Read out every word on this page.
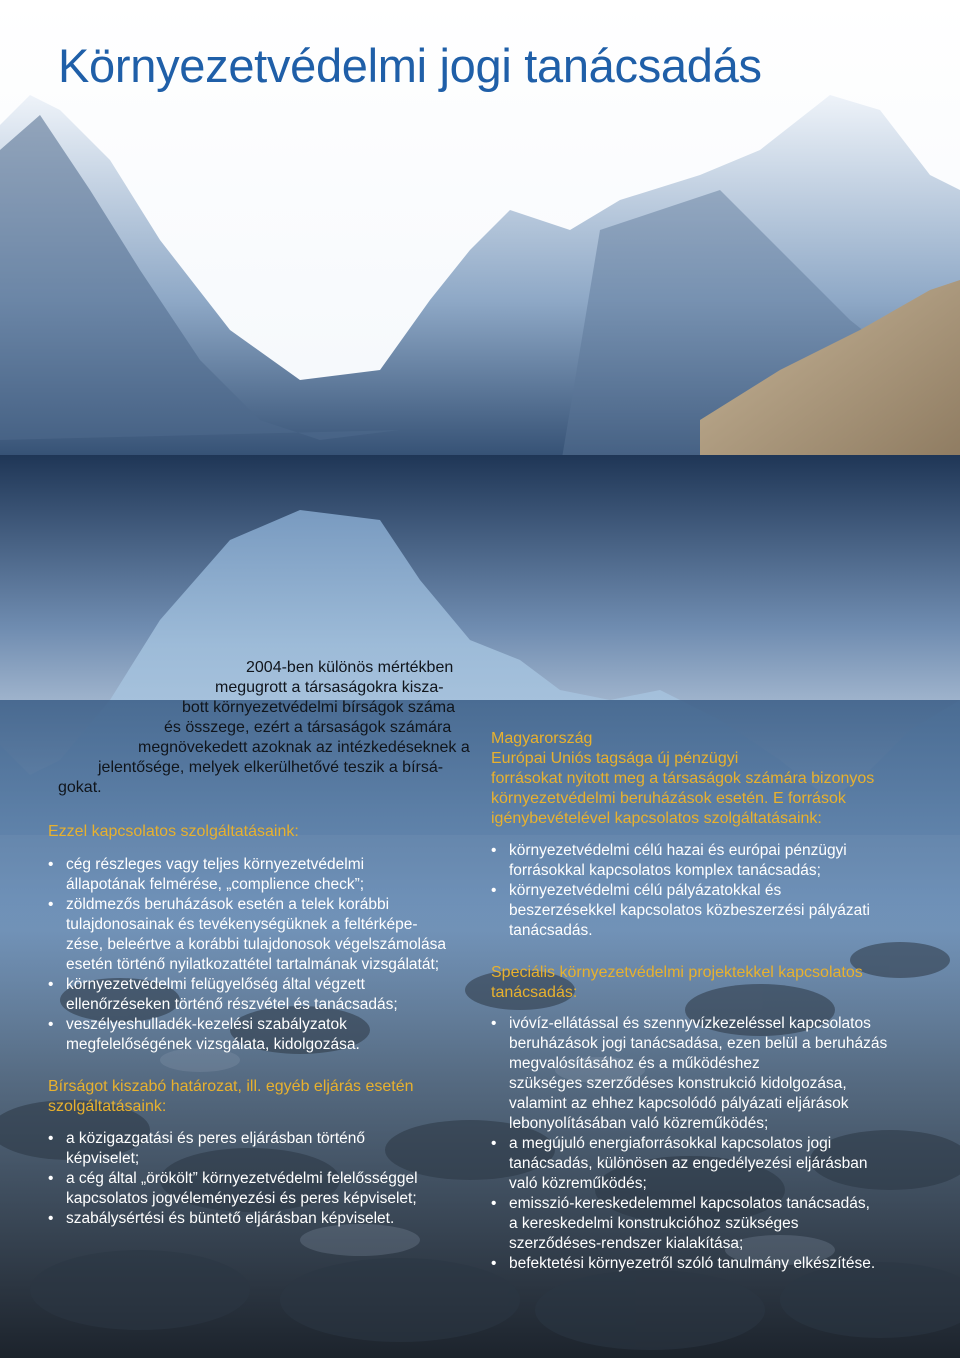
Környezetvédelmi jogi tanácsadás

2004-ben különös mértékben
megugrott a társaságokra kisza-
bott környezetvédelmi bírságok száma
és összege, ezért a társaságok számára
megnövekedett azoknak az intézkedéseknek a
jelentősége, melyek elkerülhetővé teszik a bírsá-
gokat.

Ezzel kapcsolatos szolgáltatásaink:
• cég részleges vagy teljes környezetvédelmi
állapotának felmérése, „complience check”;
• zöldmezős beruházások esetén a telek korábbi
tulajdonosainak és tevékenységüknek a feltérképe-
zése, beleértve a korábbi tulajdonosok végelszámolása
esetén történő nyilatkozattétel tartalmának vizsgálatát;
• környezetvédelmi felügyelőség által végzett
ellenőrzéseken történő részvétel és tanácsadás;
• veszélyeshulladék-kezelési szabályzatok
megfelelőségének vizsgálata, kidolgozása.
Bírságot kiszabó határozat, ill. egyéb eljárás esetén
szolgáltatásaink:
• a közigazgatási és peres eljárásban történő
képviselet;
• a cég által „örökölt” környezetvédelmi felelősséggel
kapcsolatos jogvéleményezési és peres képviselet;
• szabálysértési és büntető eljárásban képviselet.
Magyarország
Európai Uniós tagsága új pénzügyi
forrásokat nyitott meg a társaságok számára bizonyos
környezetvédelmi beruházások esetén. E források
igénybevételével kapcsolatos szolgáltatásaink:
• környezetvédelmi célú hazai és európai pénzügyi
forrásokkal kapcsolatos komplex tanácsadás;
• környezetvédelmi célú pályázatokkal és
beszerzésekkel kapcsolatos közbeszerzési pályázati
tanácsadás.
Speciális környezetvédelmi projektekkel kapcsolatos
tanácsadás:
• ivóvíz-ellátással és szennyvízkezeléssel kapcsolatos
beruházások jogi tanácsadása, ezen belül a beruházás
megvalósításához és a működéshez
szükséges szerződéses konstrukció kidolgozása,
valamint az ehhez kapcsolódó pályázati eljárások
lebonyolításában való közreműködés;
• a megújuló energiaforrásokkal kapcsolatos jogi
tanácsadás, különösen az engedélyezési eljárásban
való közreműködés;
• emisszió-kereskedelemmel kapcsolatos tanácsadás,
a kereskedelmi konstrukcióhoz szükséges
szerződéses-rendszer kialakítása;
• befektetési környezetről szóló tanulmány elkészítése.
